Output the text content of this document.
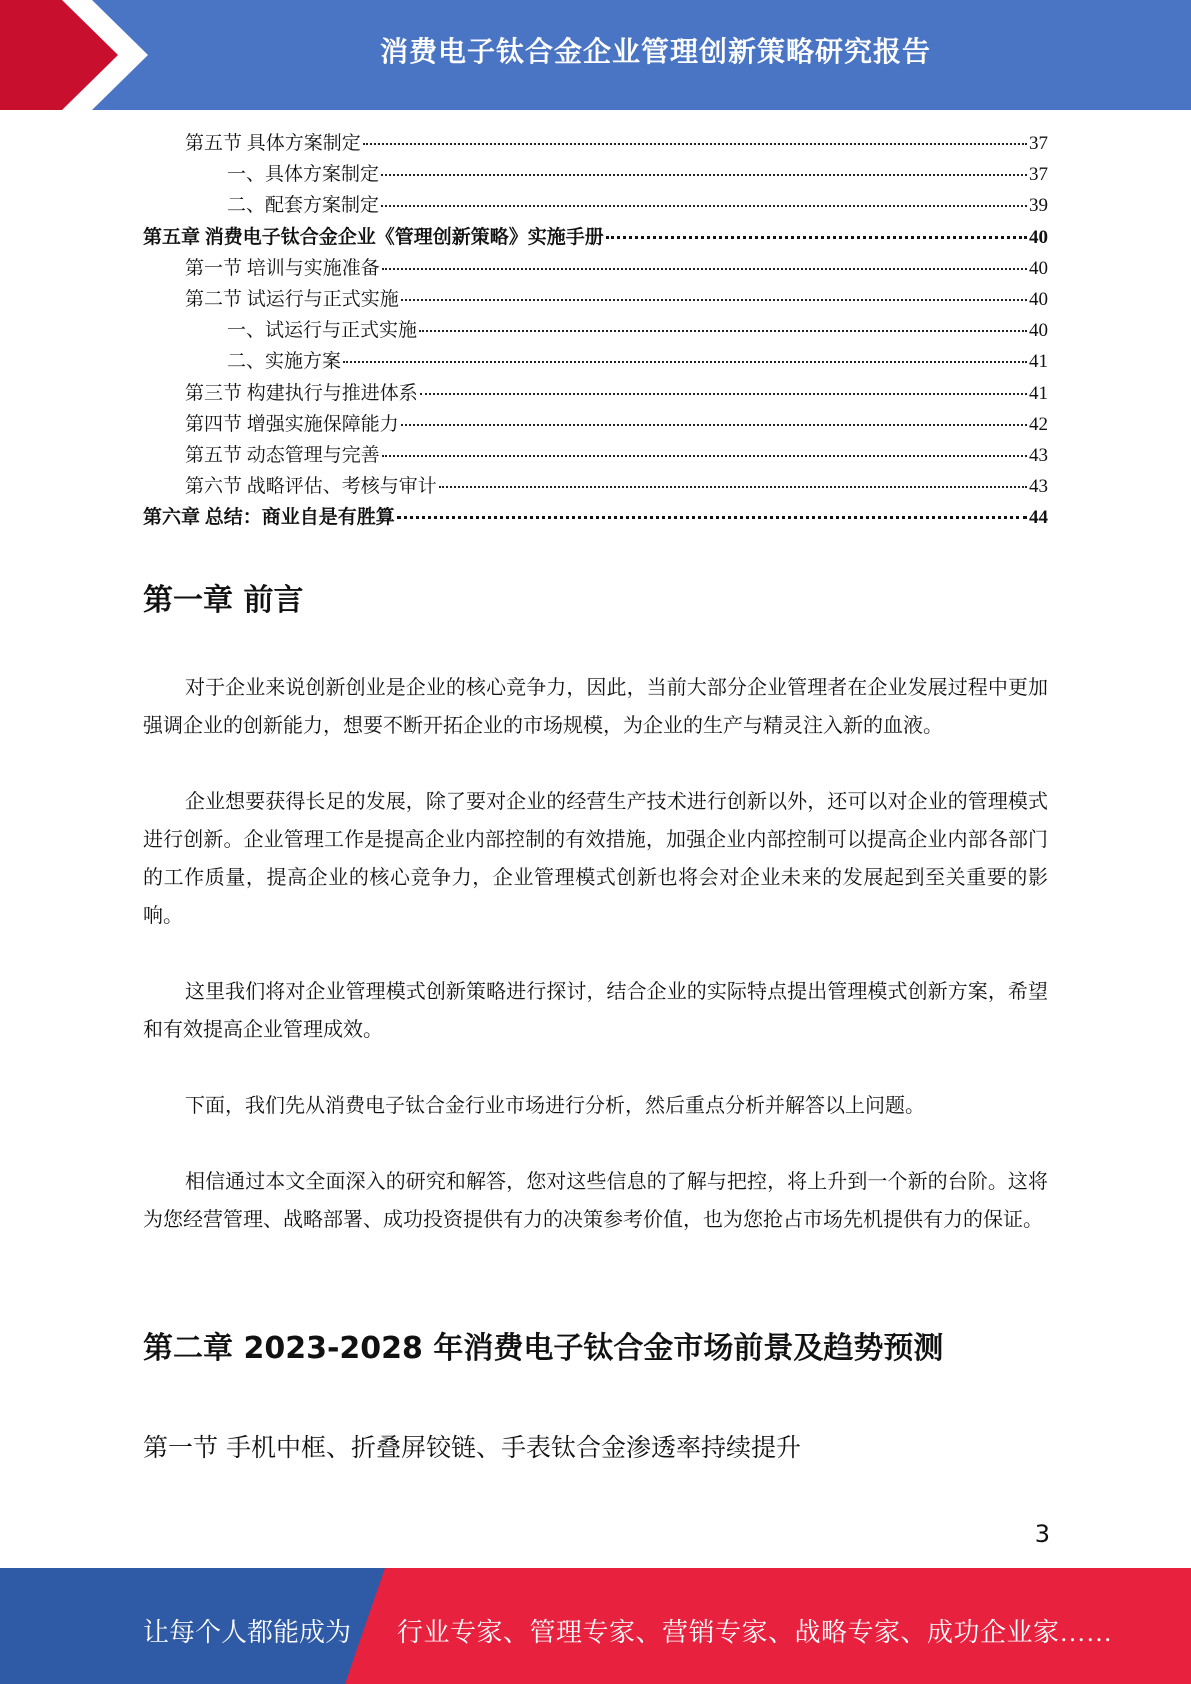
消费电子钛合金企业管理创新策略研究报告
第五节 具体方案制定	37
一、具体方案制定	37
二、配套方案制定	39
第五章 消费电子钛合金企业《管理创新策略》实施手册	40
第一节 培训与实施准备	40
第二节 试运行与正式实施	40
一、试运行与正式实施	40
二、实施方案	41
第三节 构建执行与推进体系	41
第四节 增强实施保障能力	42
第五节 动态管理与完善	43
第六节 战略评估、考核与审计	43
第六章 总结：商业自是有胜算	44
第一章 前言

对于企业来说创新创业是企业的核心竞争力，因此，当前大部分企业管理者在企业发展过程中更加强调企业的创新能力，想要不断开拓企业的市场规模，为企业的生产与精灵注入新的血液。

企业想要获得长足的发展，除了要对企业的经营生产技术进行创新以外，还可以对企业的管理模式进行创新。企业管理工作是提高企业内部控制的有效措施，加强企业内部控制可以提高企业内部各部门的工作质量，提高企业的核心竞争力，企业管理模式创新也将会对企业未来的发展起到至关重要的影响。

这里我们将对企业管理模式创新策略进行探讨，结合企业的实际特点提出管理模式创新方案，希望和有效提高企业管理成效。

下面，我们先从消费电子钛合金行业市场进行分析，然后重点分析并解答以上问题。

相信通过本文全面深入的研究和解答，您对这些信息的了解与把控，将上升到一个新的台阶。这将为您经营管理、战略部署、成功投资提供有力的决策参考价值，也为您抢占市场先机提供有力的保证。

第二章 2023-2028 年消费电子钛合金市场前景及趋势预测
第一节 手机中框、折叠屏铰链、手表钛合金渗透率持续提升
3
让每个人都能成为 行业专家、管理专家、营销专家、战略专家、成功企业家……
